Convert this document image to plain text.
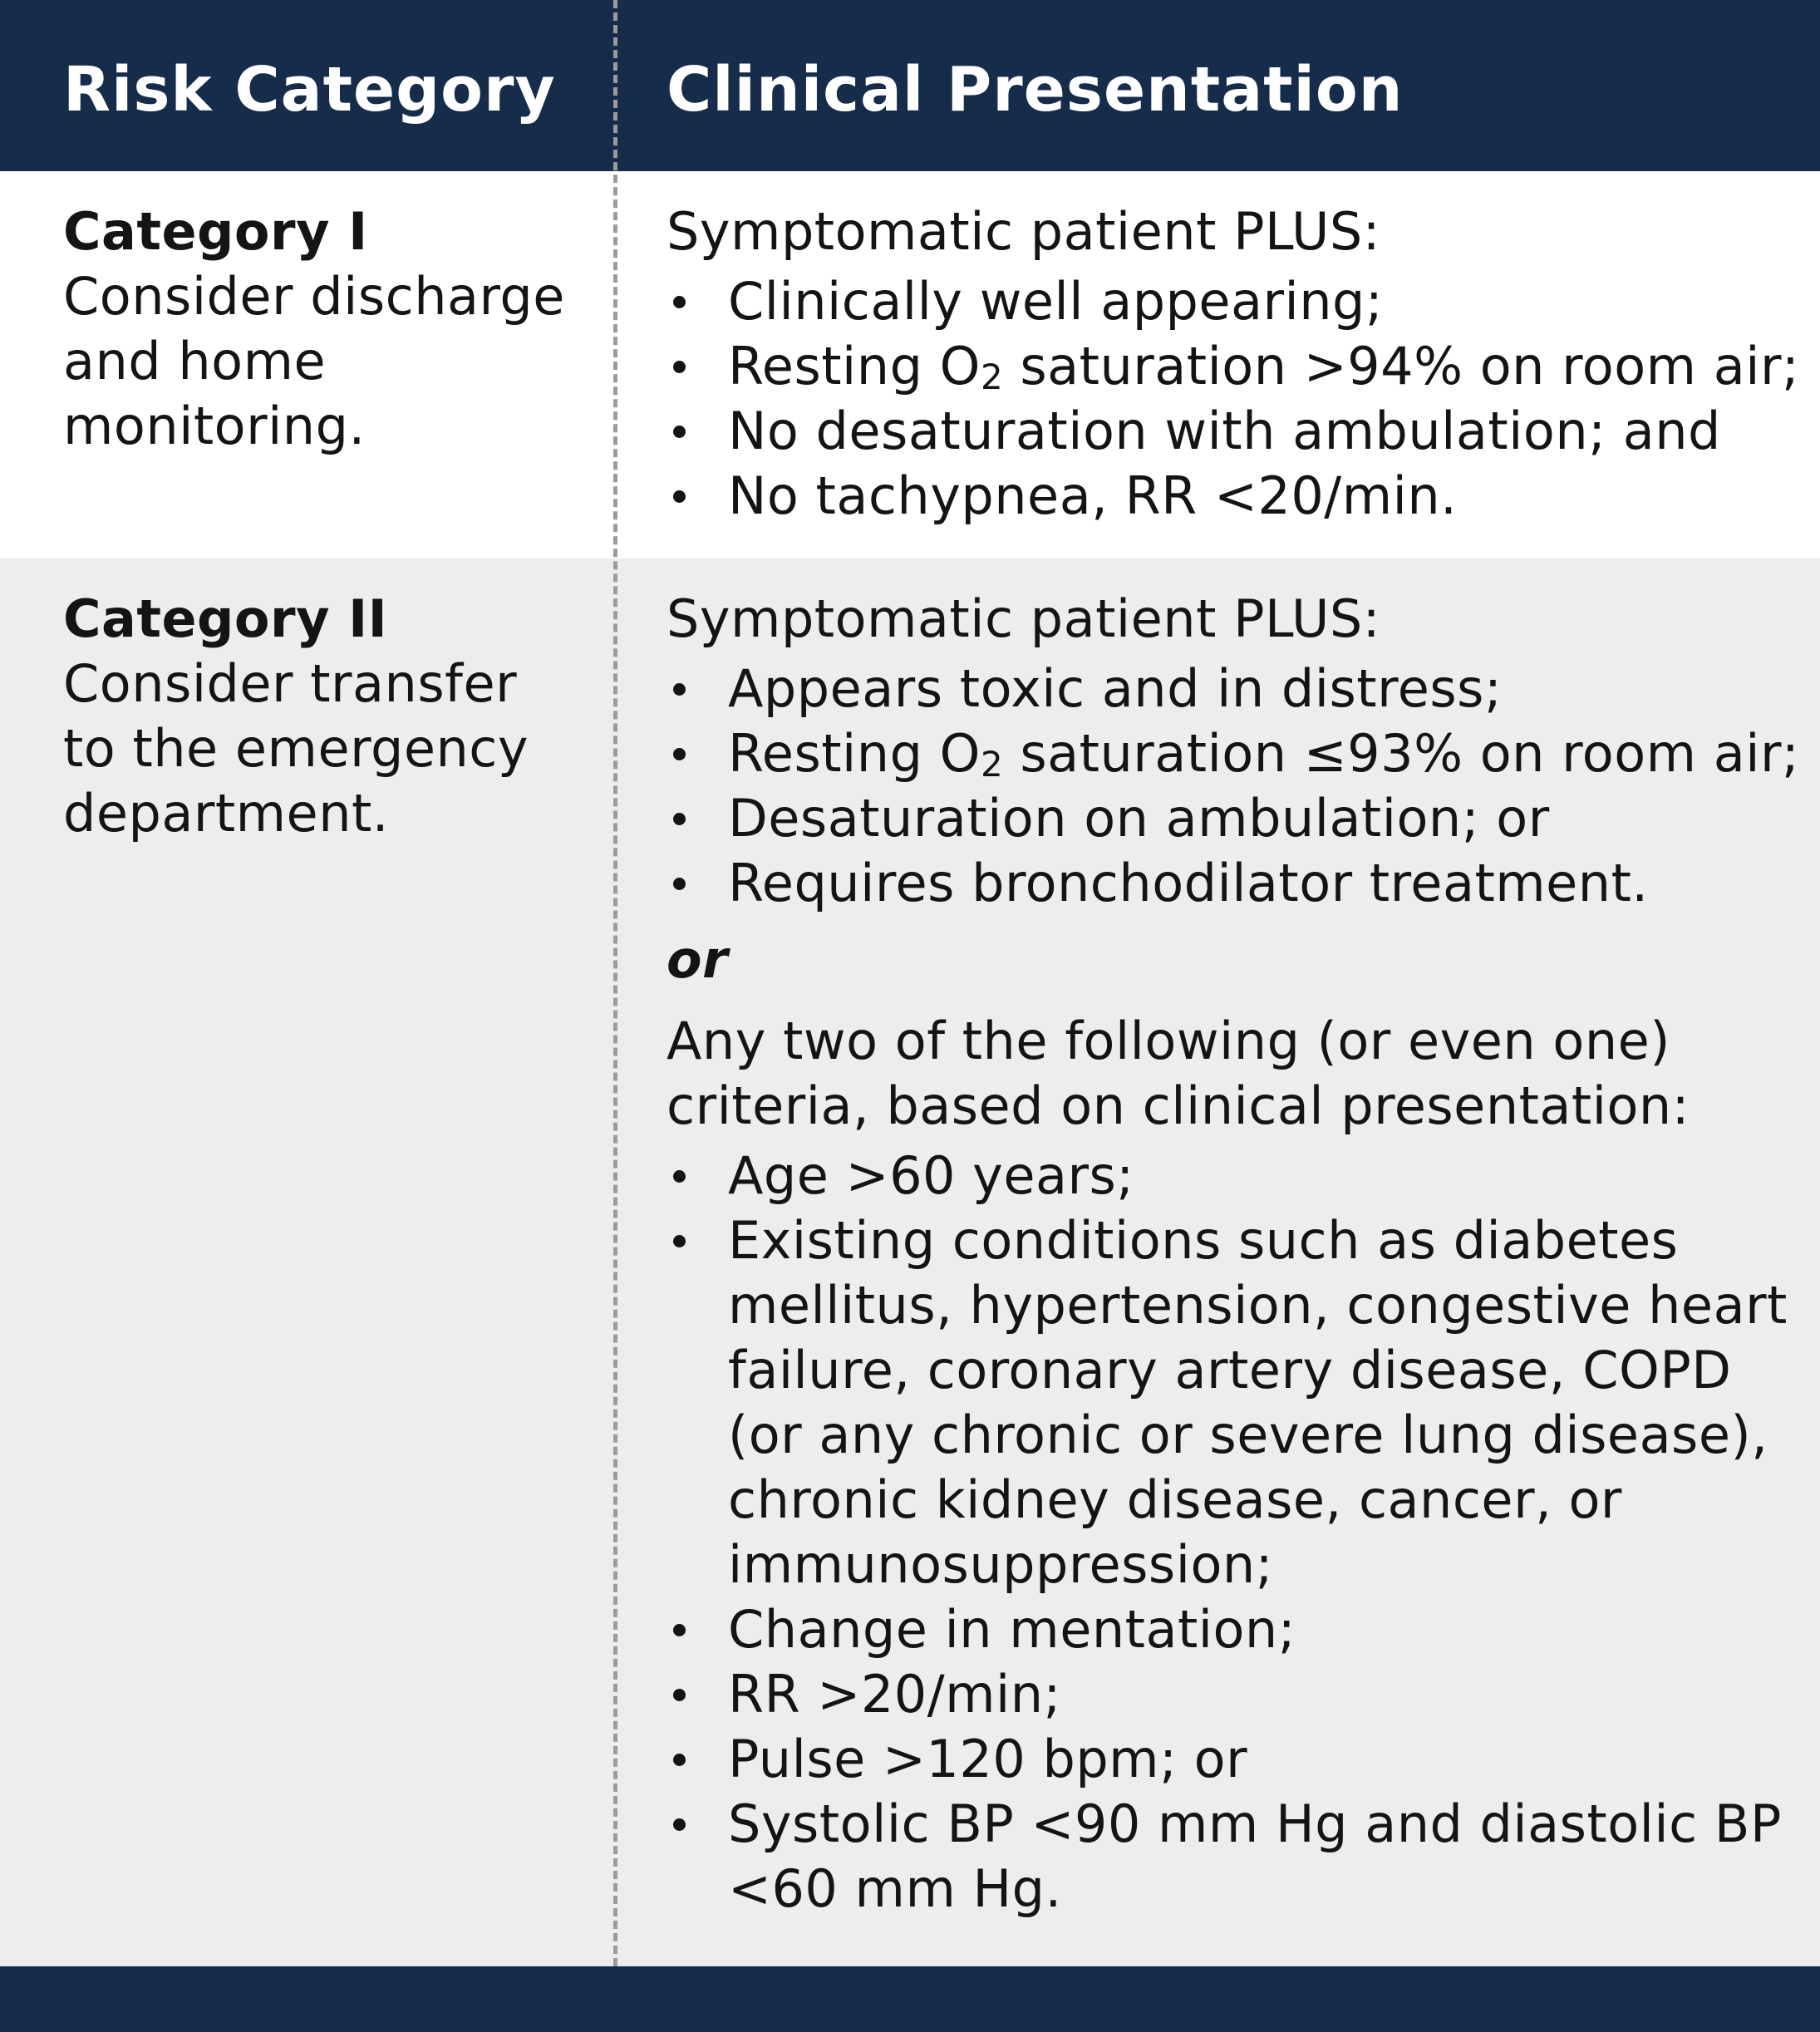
Risk Category Clinical Presentation
Category I
Consider discharge
and home
monitoring.
Symptomatic patient PLUS:
Clinically well appearing;
Resting $O_2$ saturation >94% on room air;
No desaturation with ambulation; and
No tachypnea, RR <20/min.
Category II
Consider transfer
to the emergency
department.
Symptomatic patient PLUS:
Appears toxic and in distress;
Resting $O_2$ saturation ≤93% on room air;
Desaturation on ambulation; or
Requires bronchodilator treatment.
or
Any two of the following (or even one)
criteria, based on clinical presentation:
Age >60 years;
Existing conditions such as diabetes
mellitus, hypertension, congestive heart
failure, coronary artery disease, COPD
(or any chronic or severe lung disease),
chronic kidney disease, cancer, or
immunosuppression;
Change in mentation;
RR >20/min;
Pulse >120 bpm; or
Systolic BP <90 mm Hg and diastolic BP
<60 mm Hg.
